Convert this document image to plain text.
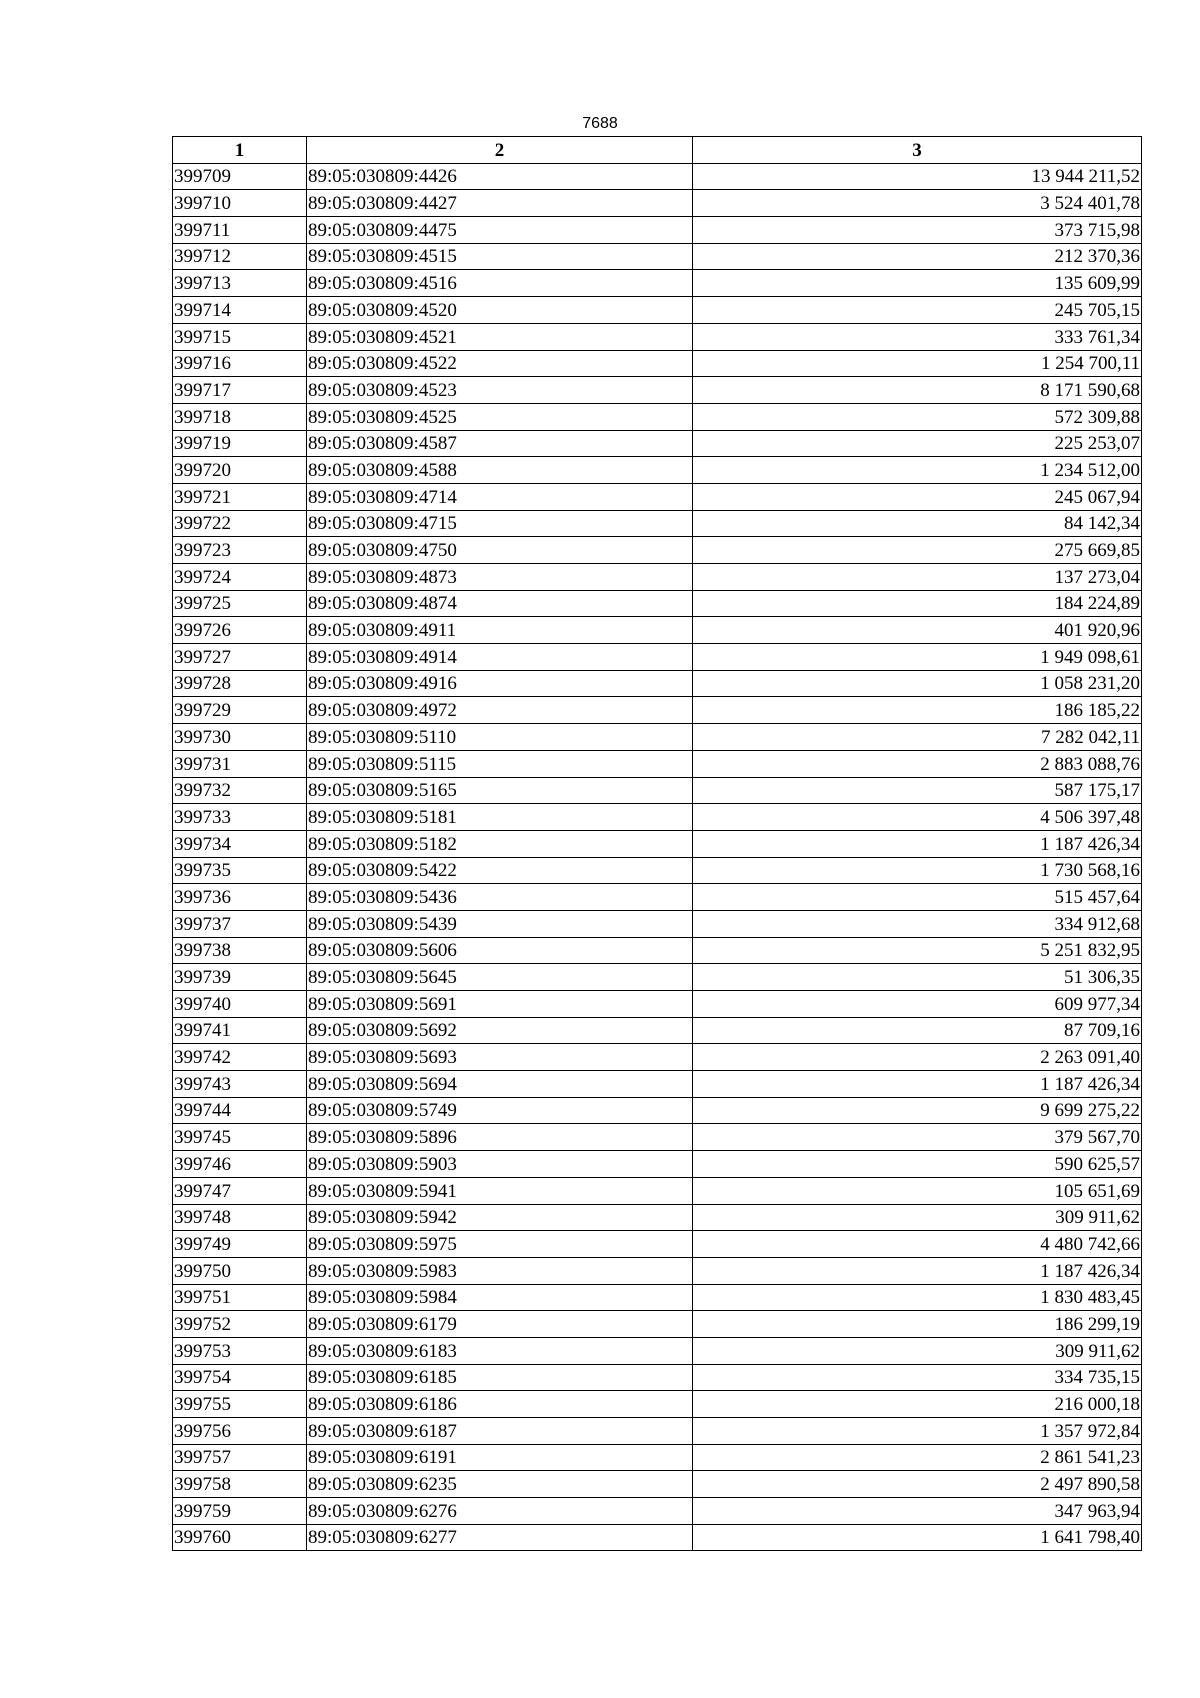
7688
1	2	3
399709	89:05:030809:4426	13 944 211,52
399710	89:05:030809:4427	3 524 401,78
399711	89:05:030809:4475	373 715,98
399712	89:05:030809:4515	212 370,36
399713	89:05:030809:4516	135 609,99
399714	89:05:030809:4520	245 705,15
399715	89:05:030809:4521	333 761,34
399716	89:05:030809:4522	1 254 700,11
399717	89:05:030809:4523	8 171 590,68
399718	89:05:030809:4525	572 309,88
399719	89:05:030809:4587	225 253,07
399720	89:05:030809:4588	1 234 512,00
399721	89:05:030809:4714	245 067,94
399722	89:05:030809:4715	84 142,34
399723	89:05:030809:4750	275 669,85
399724	89:05:030809:4873	137 273,04
399725	89:05:030809:4874	184 224,89
399726	89:05:030809:4911	401 920,96
399727	89:05:030809:4914	1 949 098,61
399728	89:05:030809:4916	1 058 231,20
399729	89:05:030809:4972	186 185,22
399730	89:05:030809:5110	7 282 042,11
399731	89:05:030809:5115	2 883 088,76
399732	89:05:030809:5165	587 175,17
399733	89:05:030809:5181	4 506 397,48
399734	89:05:030809:5182	1 187 426,34
399735	89:05:030809:5422	1 730 568,16
399736	89:05:030809:5436	515 457,64
399737	89:05:030809:5439	334 912,68
399738	89:05:030809:5606	5 251 832,95
399739	89:05:030809:5645	51 306,35
399740	89:05:030809:5691	609 977,34
399741	89:05:030809:5692	87 709,16
399742	89:05:030809:5693	2 263 091,40
399743	89:05:030809:5694	1 187 426,34
399744	89:05:030809:5749	9 699 275,22
399745	89:05:030809:5896	379 567,70
399746	89:05:030809:5903	590 625,57
399747	89:05:030809:5941	105 651,69
399748	89:05:030809:5942	309 911,62
399749	89:05:030809:5975	4 480 742,66
399750	89:05:030809:5983	1 187 426,34
399751	89:05:030809:5984	1 830 483,45
399752	89:05:030809:6179	186 299,19
399753	89:05:030809:6183	309 911,62
399754	89:05:030809:6185	334 735,15
399755	89:05:030809:6186	216 000,18
399756	89:05:030809:6187	1 357 972,84
399757	89:05:030809:6191	2 861 541,23
399758	89:05:030809:6235	2 497 890,58
399759	89:05:030809:6276	347 963,94
399760	89:05:030809:6277	1 641 798,40
